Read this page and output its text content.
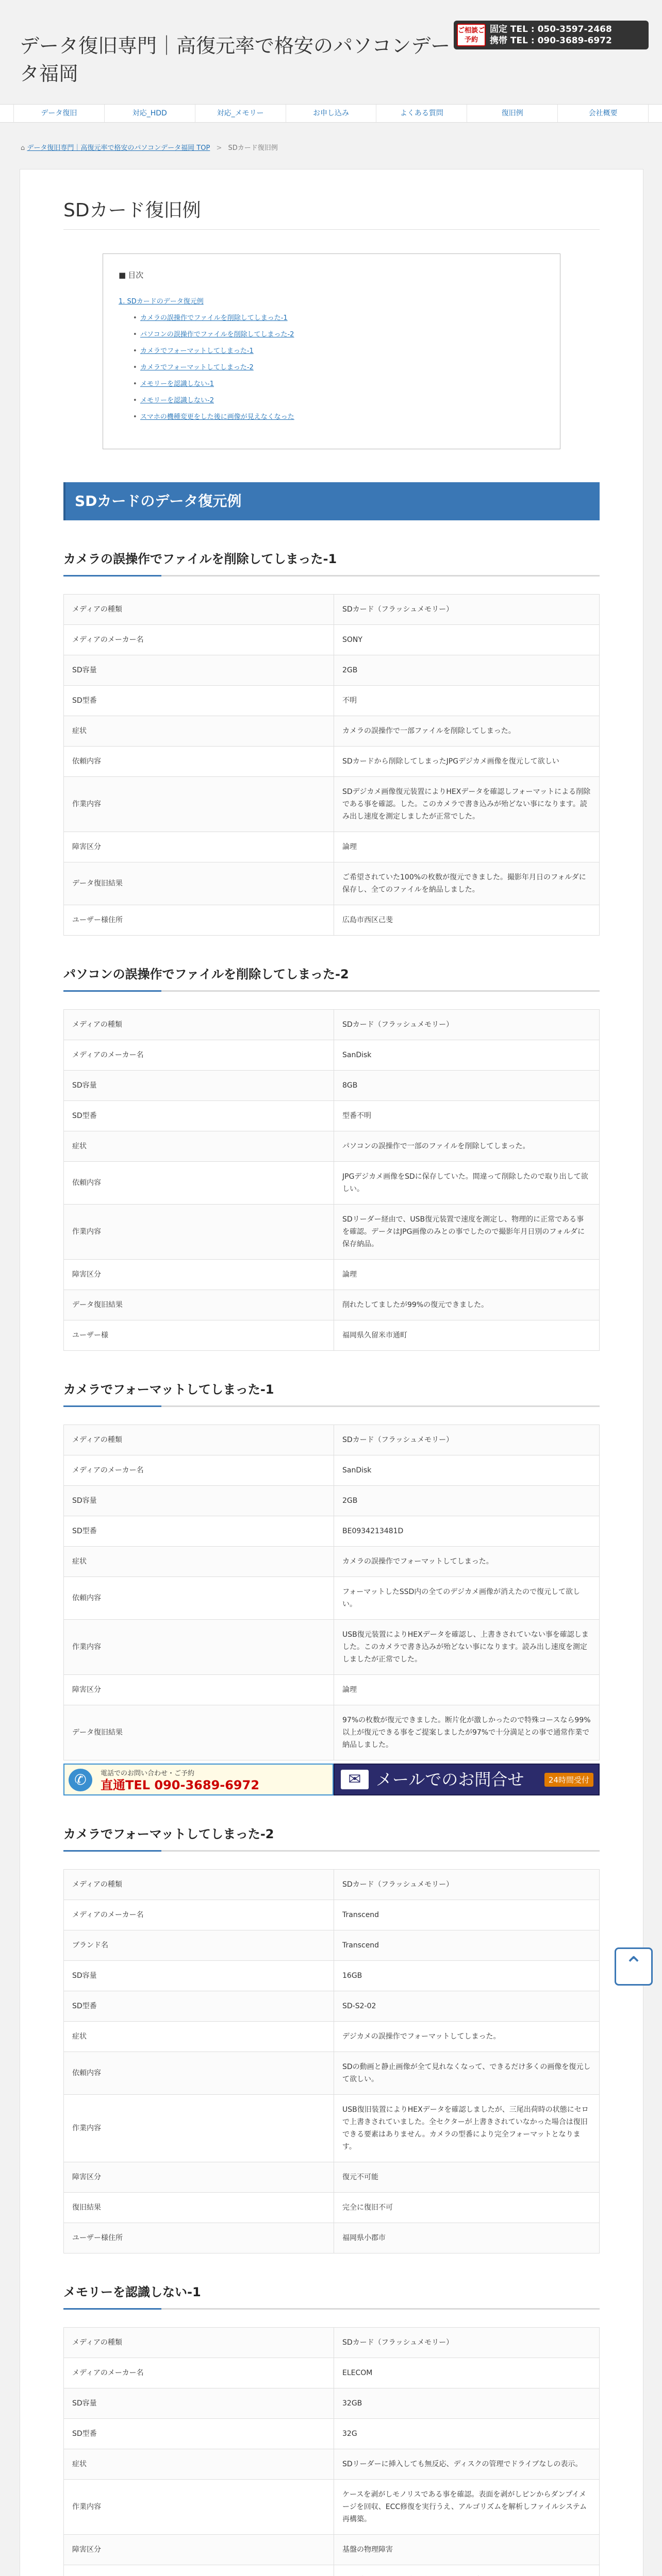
データ復旧専門｜高復元率で格安のパソコンデータ福岡
ご相談ご予約
固定 TEL : 050-3597-2468
携帯 TEL : 090-3689-6972
データ復旧	対応_HDD	対応_メモリー	お申し込み	よくある質問	復旧例	会社概要
⌂ データ復旧専門｜高復元率で格安のパソコンデータ福岡 TOP > SDカード復旧例
SDカード復旧例
■ 目次
1. SDカードのデータ復元例
• カメラの誤操作でファイルを削除してしまった-1
• パソコンの誤操作でファイルを削除してしまった-2
• カメラでフォーマットしてしまった-1
• カメラでフォーマットしてしまった-2
• メモリーを認識しない-1
• メモリーを認識しない-2
• スマホの機種変更をした後に画像が見えなくなった
SDカードのデータ復元例
カメラの誤操作でファイルを削除してしまった-1
メディアの種類	SDカード（フラッシュメモリー）
メディアのメーカー名	SONY
SD容量	2GB
SD型番	不明
症状	カメラの誤操作で一部ファイルを削除してしまった。
依頼内容	SDカードから削除してしまったJPGデジカメ画像を復元して欲しい
作業内容	SDデジカメ画像復元装置によりHEXデータを確認しフォーマットによる削除である事を確認。した。このカメラで書き込みが殆どない事になります。読み出し速度を測定しましたが正常でした。
障害区分	論理
データ復旧結果	ご希望されていた100%の枚数が復元できました。撮影年月日のフォルダに保存し、全てのファイルを納品しました。
ユーザー様住所	広島市西区己斐
パソコンの誤操作でファイルを削除してしまった-2
メディアの種類	SDカード（フラッシュメモリー）
メディアのメーカー名	SanDisk
SD容量	8GB
SD型番	型番不明
症状	パソコンの誤操作で一部のファイルを削除してしまった。
依頼内容	JPGデジカメ画像をSDに保存していた。間違って削除したので取り出して欲しい。
作業内容	SDリーダー経由で、USB復元装置で速度を測定し、物理的に正常である事を確認。データはJPG画像のみとの事でしたので撮影年月日別のフォルダに保存納品。
障害区分	論理
データ復旧結果	削れたしてましたが99%の復元できました。
ユーザー様	福岡県久留米市通町
カメラでフォーマットしてしまった-1
メディアの種類	SDカード（フラッシュメモリー）
メディアのメーカー名	SanDisk
SD容量	2GB
SD型番	BE0934213481D
症状	カメラの誤操作でフォーマットしてしまった。
依頼内容	フォーマットしたSSD内の全てのデジカメ画像が消えたので復元して欲しい。
作業内容	USB復元装置によりHEXデータを確認し、上書きされていない事を確認しました。このカメラで書き込みが殆どない事になります。読み出し速度を測定しましたが正常でした。
障害区分	論理
データ復旧結果	97%の枚数が復元できました。断片化が激しかったので特殊コースなら99%以上が復元できる事をご提案しましたが97%で十分満足との事で通常作業で納品しました。
✆	電話でのお問い合わせ・ご予約
直通TEL 090-3689-6972	✉ メールでのお問合せ	24時間受付
カメラでフォーマットしてしまった-2
メディアの種類	SDカード（フラッシュメモリー）
メディアのメーカー名	Transcend
ブランド名	Transcend
SD容量	16GB
SD型番	SD-S2-02
症状	デジカメの誤操作でフォーマットしてしまった。
依頼内容	SDの動画と静止画像が全て見れなくなって、できるだけ多くの画像を復元して欲しい。
作業内容	USB復旧装置によりHEXデータを確認しましたが、三尾出荷時の状態にセロで上書きされていました。全セクターが上書きされていなかった場合は復旧できる要素はありません。カメラの型番により完全フォーマットとなります。
障害区分	復元不可能
復旧結果	完全に復旧不可
ユーザー様住所	福岡県小郡市
メモリーを認識しない-1
メディアの種類	SDカード（フラッシュメモリー）
メディアのメーカー名	ELECOM
SD容量	32GB
SD型番	32G
症状	SDリーダーに挿入しても無反応、ディスクの管理でドライブなしの表示。
作業内容	ケースを剥がしモノリスである事を確認。表面を剥がしピンからダンプイメージを回収、ECC修復を実行うえ、アルゴリズムを解析しファイルシステム再構築。
障害区分	基盤の物理障害

⌃
